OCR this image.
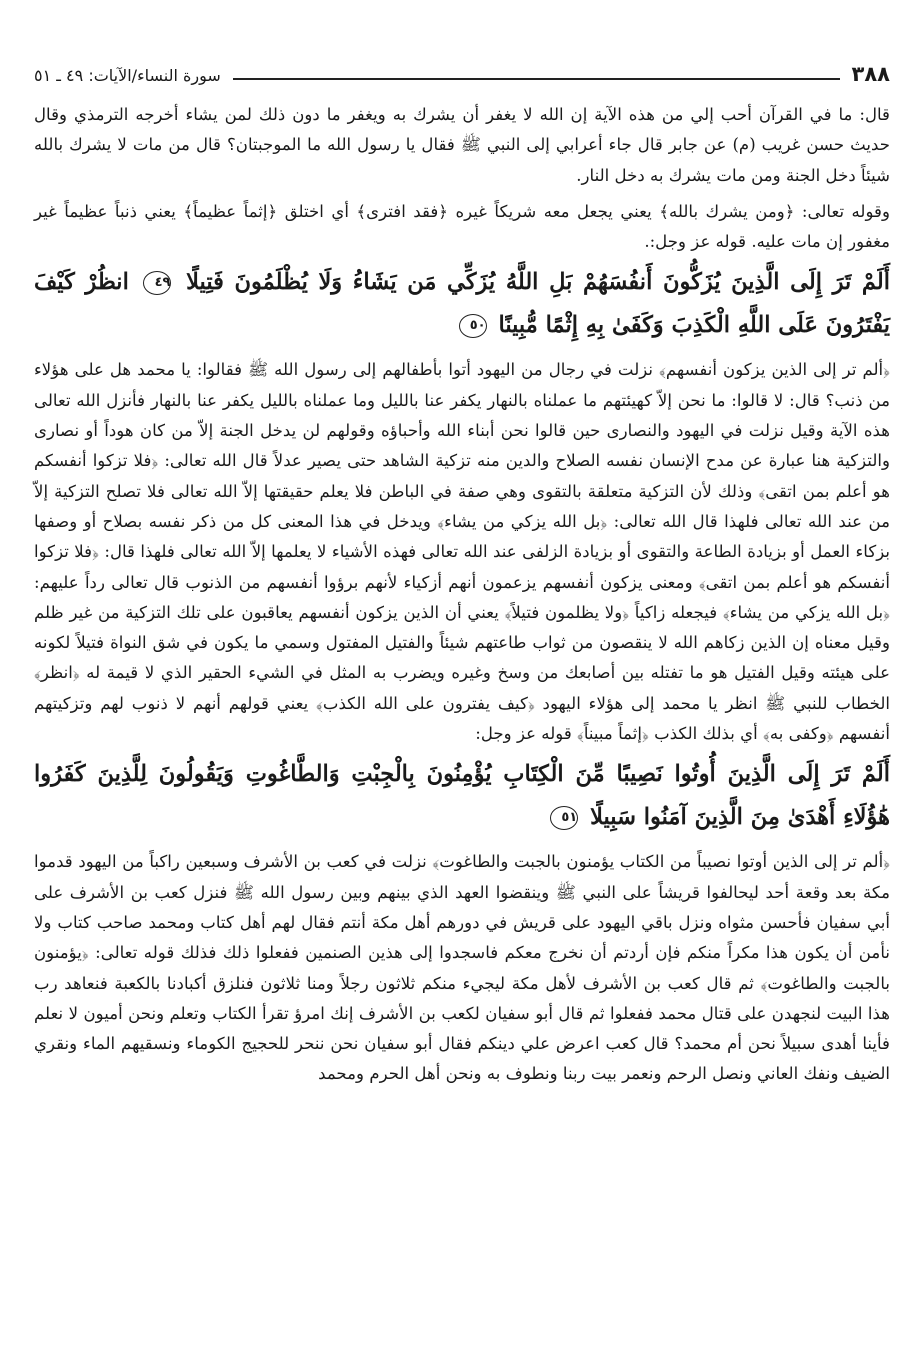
٣٨٨
سورة النساء/الآيات: ٤٩ ـ ٥١

قال: ما في القرآن أحب إلي من هذه الآية إن الله لا يغفر أن يشرك به ويغفر ما دون ذلك لمن يشاء أخرجه الترمذي وقال حديث حسن غريب (م) عن جابر قال جاء أعرابي إلى النبي ﷺ فقال يا رسول الله ما الموجبتان؟ قال من مات لا يشرك بالله شيئاً دخل الجنة ومن مات يشرك به دخل النار.

وقوله تعالى: ﴿ومن يشرك بالله﴾ يعني يجعل معه شريكاً غيره ﴿فقد افترى﴾ أي اختلق ﴿إثماً عظيماً﴾ يعني ذنباً عظيماً غير مغفور إن مات عليه. قوله عز وجل:.

أَلَمْ تَرَ إِلَى الَّذِينَ يُزَكُّونَ أَنفُسَهُمْ بَلِ اللَّهُ يُزَكِّي مَن يَشَاءُ وَلَا يُظْلَمُونَ فَتِيلًا ٤٩ انظُرْ كَيْفَ يَفْتَرُونَ عَلَى اللَّهِ الْكَذِبَ وَكَفَىٰ بِهِ إِثْمًا مُّبِينًا ٥٠

﴿ألم تر إلى الذين يزكون أنفسهم﴾ نزلت في رجال من اليهود أتوا بأطفالهم إلى رسول الله ﷺ فقالوا: يا محمد هل على هؤلاء من ذنب؟ قال: لا قالوا: ما نحن إلاّ كهيئتهم ما عملناه بالنهار يكفر عنا بالليل وما عملناه بالليل يكفر عنا بالنهار فأنزل الله تعالى هذه الآية وقيل نزلت في اليهود والنصارى حين قالوا نحن أبناء الله وأحباؤه وقولهم لن يدخل الجنة إلاّ من كان هوداً أو نصارى والتزكية هنا عبارة عن مدح الإنسان نفسه الصلاح والدين منه تزكية الشاهد حتى يصير عدلاً قال الله تعالى: ﴿فلا تزكوا أنفسكم هو أعلم بمن اتقى﴾ وذلك لأن التزكية متعلقة بالتقوى وهي صفة في الباطن فلا يعلم حقيقتها إلاّ الله تعالى فلا تصلح التزكية إلاّ من عند الله تعالى فلهذا قال الله تعالى: ﴿بل الله يزكي من يشاء﴾ ويدخل في هذا المعنى كل من ذكر نفسه بصلاح أو وصفها بزكاء العمل أو بزيادة الطاعة والتقوى أو بزيادة الزلفى عند الله تعالى فهذه الأشياء لا يعلمها إلاّ الله تعالى فلهذا قال: ﴿فلا تزكوا أنفسكم هو أعلم بمن اتقى﴾ ومعنى يزكون أنفسهم يزعمون أنهم أزكياء لأنهم برؤوا أنفسهم من الذنوب قال تعالى رداً عليهم: ﴿بل الله يزكي من يشاء﴾ فيجعله زاكياً ﴿ولا يظلمون فتيلاً﴾ يعني أن الذين يزكون أنفسهم يعاقبون على تلك التزكية من غير ظلم وقيل معناه إن الذين زكاهم الله لا ينقصون من ثواب طاعتهم شيئاً والفتيل المفتول وسمي ما يكون في شق النواة فتيلاً لكونه على هيئته وقيل الفتيل هو ما تفتله بين أصابعك من وسخ وغيره ويضرب به المثل في الشيء الحقير الذي لا قيمة له ﴿انظر﴾ الخطاب للنبي ﷺ انظر يا محمد إلى هؤلاء اليهود ﴿كيف يفترون على الله الكذب﴾ يعني قولهم أنهم لا ذنوب لهم وتزكيتهم أنفسهم ﴿وكفى به﴾ أي بذلك الكذب ﴿إثماً مبيناً﴾ قوله عز وجل:

أَلَمْ تَرَ إِلَى الَّذِينَ أُوتُوا نَصِيبًا مِّنَ الْكِتَابِ يُؤْمِنُونَ بِالْجِبْتِ وَالطَّاغُوتِ وَيَقُولُونَ لِلَّذِينَ كَفَرُوا هَٰؤُلَاءِ أَهْدَىٰ مِنَ الَّذِينَ آمَنُوا سَبِيلًا ٥١

﴿ألم تر إلى الذين أوتوا نصيباً من الكتاب يؤمنون بالجبت والطاغوت﴾ نزلت في كعب بن الأشرف وسبعين راكباً من اليهود قدموا مكة بعد وقعة أحد ليحالفوا قريشاً على النبي ﷺ وينقضوا العهد الذي بينهم وبين رسول الله ﷺ فنزل كعب بن الأشرف على أبي سفيان فأحسن مثواه ونزل باقي اليهود على قريش في دورهم أهل مكة أنتم فقال لهم أهل كتاب ومحمد صاحب كتاب ولا نأمن أن يكون هذا مكراً منكم فإن أردتم أن نخرج معكم فاسجدوا إلى هذين الصنمين ففعلوا ذلك فذلك قوله تعالى: ﴿يؤمنون بالجبت والطاغوت﴾ ثم قال كعب بن الأشرف لأهل مكة ليجيء منكم ثلاثون رجلاً ومنا ثلاثون فنلزق أكبادنا بالكعبة فنعاهد رب هذا البيت لنجهدن على قتال محمد ففعلوا ثم قال أبو سفيان لكعب بن الأشرف إنك امرؤ تقرأ الكتاب وتعلم ونحن أميون لا نعلم فأينا أهدى سبيلاً نحن أم محمد؟ قال كعب اعرض علي دينكم فقال أبو سفيان نحن ننحر للحجيج الكوماء ونسقيهم الماء ونقري الضيف ونفك العاني ونصل الرحم ونعمر بيت ربنا ونطوف به ونحن أهل الحرم ومحمد
